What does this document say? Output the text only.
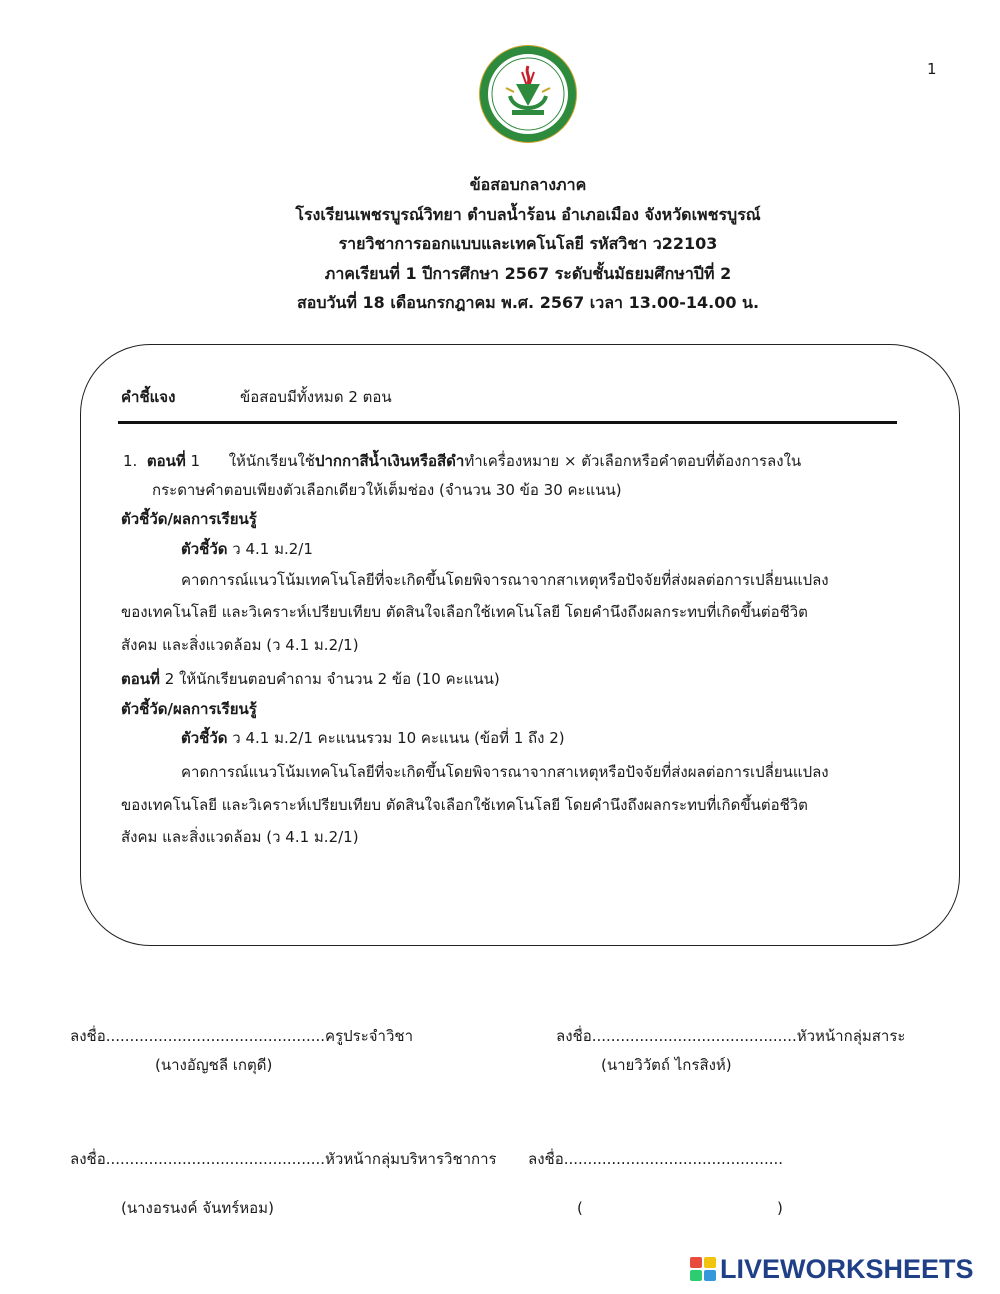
1
ข้อสอบกลางภาค
โรงเรียนเพชรบูรณ์วิทยา ตำบลน้ำร้อน อำเภอเมือง จังหวัดเพชรบูรณ์
รายวิชาการออกแบบและเทคโนโลยี รหัสวิชา ว22103
ภาคเรียนที่ 1 ปีการศึกษา 2567 ระดับชั้นมัธยมศึกษาปีที่ 2
สอบวันที่ 18 เดือนกรกฎาคม พ.ศ. 2567 เวลา 13.00-14.00 น.
คำชี้แจง	ข้อสอบมีทั้งหมด 2 ตอน
1. ตอนที่ 1 ให้นักเรียนใช้ปากกาสีน้ำเงินหรือสีดำทำเครื่องหมาย × ตัวเลือกหรือคำตอบที่ต้องการลงใน
กระดาษคำตอบเพียงตัวเลือกเดียวให้เต็มช่อง (จำนวน 30 ข้อ 30 คะแนน)
ตัวชี้วัด/ผลการเรียนรู้
ตัวชี้วัด ว 4.1 ม.2/1
คาดการณ์แนวโน้มเทคโนโลยีที่จะเกิดขึ้นโดยพิจารณาจากสาเหตุหรือปัจจัยที่ส่งผลต่อการเปลี่ยนแปลง
ของเทคโนโลยี และวิเคราะห์เปรียบเทียบ ตัดสินใจเลือกใช้เทคโนโลยี โดยคำนึงถึงผลกระทบที่เกิดขึ้นต่อชีวิต
สังคม และสิ่งแวดล้อม (ว 4.1 ม.2/1)
ตอนที่ 2 ให้นักเรียนตอบคำถาม จำนวน 2 ข้อ (10 คะแนน)
ตัวชี้วัด/ผลการเรียนรู้
ตัวชี้วัด ว 4.1 ม.2/1 คะแนนรวม 10 คะแนน (ข้อที่ 1 ถึง 2)
คาดการณ์แนวโน้มเทคโนโลยีที่จะเกิดขึ้นโดยพิจารณาจากสาเหตุหรือปัจจัยที่ส่งผลต่อการเปลี่ยนแปลง
ของเทคโนโลยี และวิเคราะห์เปรียบเทียบ ตัดสินใจเลือกใช้เทคโนโลยี โดยคำนึงถึงผลกระทบที่เกิดขึ้นต่อชีวิต
สังคม และสิ่งแวดล้อม (ว 4.1 ม.2/1)
ลงชื่อ..............................................ครูประจำวิชา
(นางอัญชลี เกตุดี)
ลงชื่อ...........................................หัวหน้ากลุ่มสาระ
(นายวิวัตถ์ ไกรสิงห์)
ลงชื่อ..............................................หัวหน้ากลุ่มบริหารวิชาการ
(นางอรนงค์ จันทร์หอม)
ลงชื่อ..............................................
(	)
LIVEWORKSHEETS
